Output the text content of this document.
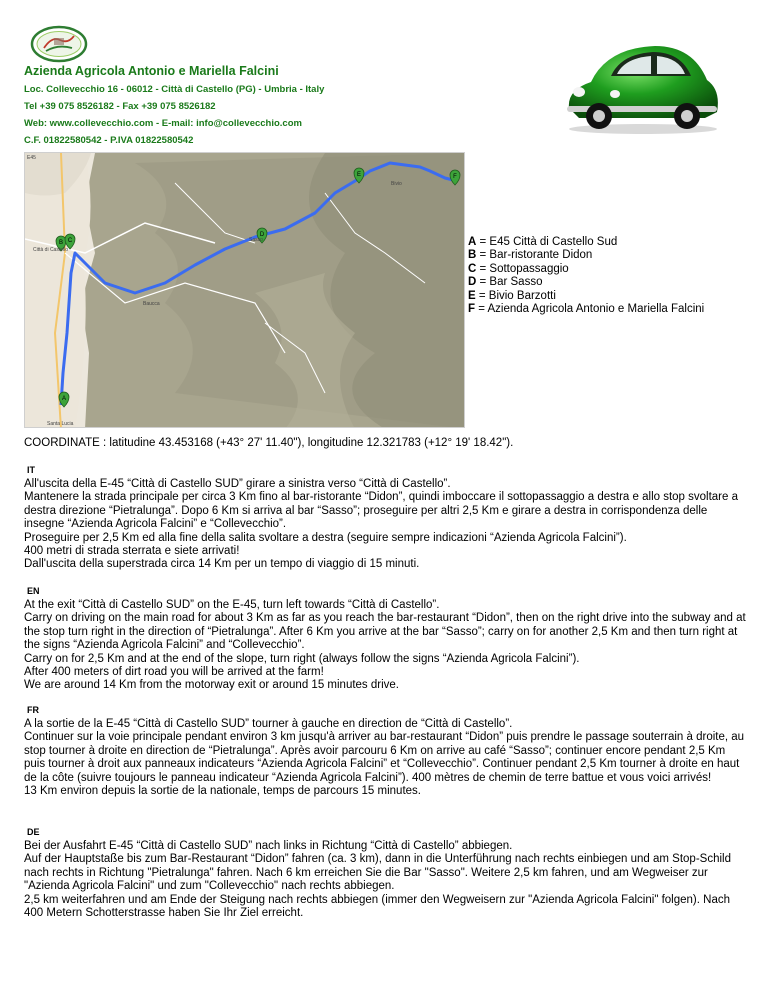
Azienda Agricola Antonio e Mariella Falcini
Loc. Collevecchio 16 - 06012 - Città di Castello (PG) - Umbria - Italy
Tel +39 075 8526182 - Fax +39 075 8526182
Web: www.collevecchio.com - E-mail: info@collevecchio.com
C.F. 01822580542 - P.IVA 01822580542
A
B C
D
E	F
E45
Bivio
Sasso
Baucca
Santa Lucia
Città di Castello
A = E45 Città di Castello Sud
B = Bar-ristorante Didon
C = Sottopassaggio
D = Bar Sasso
E = Bivio Barzotti
F = Azienda Agricola Antonio e Mariella Falcini
COORDINATE : latitudine 43.453168 (+43° 27' 11.40"), longitudine 12.321783 (+12° 19' 18.42").
IT

All'uscita della E-45 “Città di Castello SUD” girare a sinistra verso “Città di Castello”.

Mantenere la strada principale per circa 3 Km fino al bar-ristorante “Didon”, quindi imboccare il sottopassaggio a destra e allo stop svoltare a destra direzione “Pietralunga”. Dopo 6 Km si arriva al bar “Sasso”; proseguire per altri 2,5 Km e girare a destra in corrispondenza delle insegne “Azienda Agricola Falcini” e “Collevecchio”.

Proseguire per 2,5 Km ed alla fine della salita svoltare a destra (seguire sempre indicazioni “Azienda Agricola Falcini”).

400 metri di strada sterrata e siete arrivati!

Dall'uscita della superstrada circa 14 Km per un tempo di viaggio di 15 minuti.

EN

At the exit “Città di Castello SUD” on the E-45, turn left towards “Città di Castello”.

Carry on driving on the main road for about 3 Km as far as you reach the bar-restaurant “Didon”, then on the right drive into the subway and at the stop turn right in the direction of “Pietralunga”. After 6 Km you arrive at the bar “Sasso”; carry on for another 2,5 Km and then turn right at the signs “Azienda Agricola Falcini” and “Collevecchio”.

Carry on for 2,5 Km and at the end of the slope, turn right (always follow the signs “Azienda Agricola Falcini”).

After 400 meters of dirt road you will be arrived at the farm!

We are around 14 Km from the motorway exit or around 15 minutes drive.

FR

A la sortie de la E-45 “Città di Castello SUD” tourner à gauche en direction de “Città di Castello”.

Continuer sur la voie principale pendant environ 3 km jusqu'à arriver au bar-restaurant “Didon” puis prendre le passage souterrain à droite, au stop tourner à droite en direction de “Pietralunga”. Après avoir parcouru 6 Km on arrive au café “Sasso”; continuer encore pendant 2,5 Km puis tourner à droit aux panneaux indicateurs “Azienda Agricola Falcini” et “Collevecchio”. Continuer pendant 2,5 Km tourner à droite en haut de la côte (suivre toujours le panneau indicateur “Azienda Agricola Falcini”). 400 mètres de chemin de terre battue et vous voici arrivés!

13 Km environ depuis la sortie de la nationale, temps de parcours 15 minutes.

DE

Bei der Ausfahrt E-45 “Città di Castello SUD” nach links in Richtung “Città di Castello” abbiegen.

Auf der Hauptstaße bis zum Bar-Restaurant “Didon” fahren (ca. 3 km), dann in die Unterführung nach rechts einbiegen und am Stop-Schild nach rechts in Richtung "Pietralunga" fahren. Nach 6 km erreichen Sie die Bar "Sasso". Weitere 2,5 km fahren, und am Wegweiser zur "Azienda Agricola Falcini" und zum "Collevecchio" nach rechts abbiegen.

2,5 km weiterfahren und am Ende der Steigung nach rechts abbiegen (immer den Wegweisern zur "Azienda Agricola Falcini" folgen). Nach 400 Metern Schotterstrasse haben Sie Ihr Ziel erreicht.
